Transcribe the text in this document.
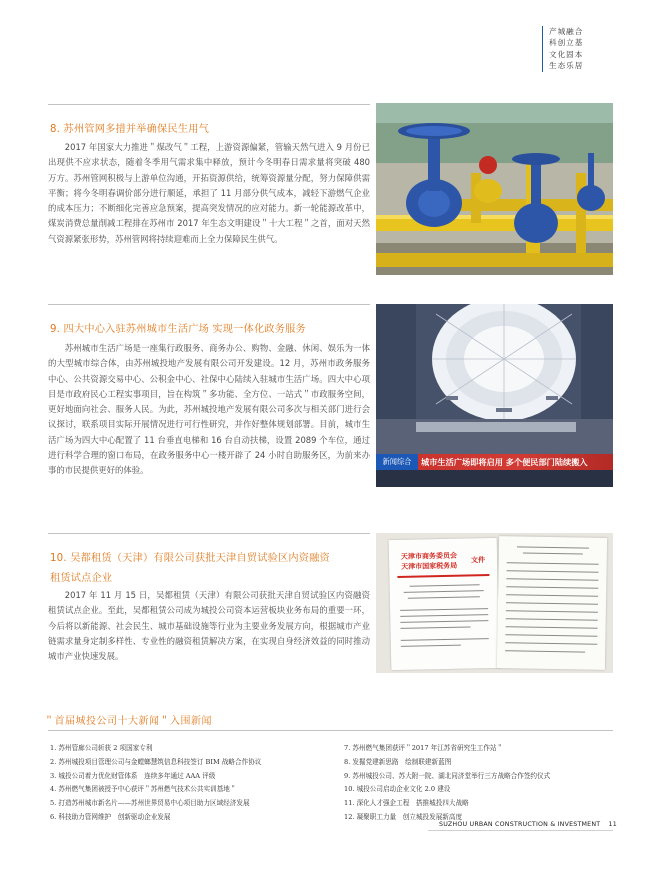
产城融合
科创立基
文化固本
生态乐居
8. 苏州管网多措并举确保民生用气

2017 年国家大力推进＂煤改气＂工程，上游资源偏紧，管输天然气进入 9 月份已出现供不应求状态，随着冬季用气需求集中释放，预计今冬明春日需求量将突破 480 万方。苏州管网积极与上游单位沟通，开拓资源供给，统筹资源量分配，努力保障供需平衡；将今冬明春调价部分进行顺延，承担了 11 月部分供气成本，减轻下游燃气企业的成本压力；不断细化完善应急预案，提高突发情况的应对能力。新一轮能源改革中，煤炭消费总量削减工程排在苏州市 2017 年生态文明建设＂十大工程＂之首，面对天然气资源紧张形势，苏州管网将持续迎难而上全力保障民生供气。

9. 四大中心入驻苏州城市生活广场 实现一体化政务服务

苏州城市生活广场是一座集行政服务、商务办公、购物、金融、休闲、娱乐为一体的大型城市综合体，由苏州城投地产发展有限公司开发建设。12 月，苏州市政务服务中心、公共资源交易中心、公积金中心、社保中心陆续入驻城市生活广场。四大中心项目是市政府民心工程实事项目，旨在构筑＂多功能、全方位、一站式＂市政服务空间，更好地面向社会、服务人民。为此，苏州城投地产发展有限公司多次与相关部门进行会议探讨，联系项目实际开展情况进行可行性研究，并作好整体规划部署。目前，城市生活广场为四大中心配置了 11 台垂直电梯和 16 台自动扶梯，设置 2089 个车位，通过进行科学合理的窗口布局，在政务服务中心一楼开辟了 24 小时自助服务区，为前来办事的市民提供更好的体验。

新闻综合	城市生活广场即将启用 多个便民部门陆续搬入
10. 吴都租赁（天津）有限公司获批天津自贸试验区内资融资
租赁试点企业

2017 年 11 月 15 日，吴都租赁（天津）有限公司获批天津自贸试验区内资融资租赁试点企业。至此，吴都租赁公司成为城投公司资本运营板块业务布局的重要一环，今后将以新能源、社会民生、城市基础设施等行业为主要业务发展方向，根据城市产业链需求量身定制多样性、专业性的融资租赁解决方案，在实现自身经济效益的同时推动城市产业快速发展。

天津市商务委员会
天津市国家税务局
文件
＂首届城投公司十大新闻＂入围新闻
1. 苏州管廊公司斩获 2 项国家专利
2. 苏州城投项目管理公司与金螳螂慧筑信息科技签订 BIM 战略合作协议
3. 城投公司着力优化财管体系　连续多年通过 AAA 评级
4. 苏州燃气集团被授予中心获评＂苏州燃气技术公共实训基地＂
5. 打造苏州城市新名片——苏州世界贸易中心项目助力区域经济发展
6. 科技助力管网维护　创新驱动企业发展
7. 苏州燃气集团获评＂2017 年江苏省研究生工作站＂
8. 发掘党建新思路　绘制联建新蓝图
9. 苏州城投公司、苏大附一院、湖北同济堂举行三方战略合作签约仪式
10. 城投公司启动企业文化 2.0 建设
11. 深化人才强企工程　搭推城投四大战略
12. 凝聚职工力量　创立城投发展新高度
SUZHOU URBAN CONSTRUCTION & INVESTMENT 11
